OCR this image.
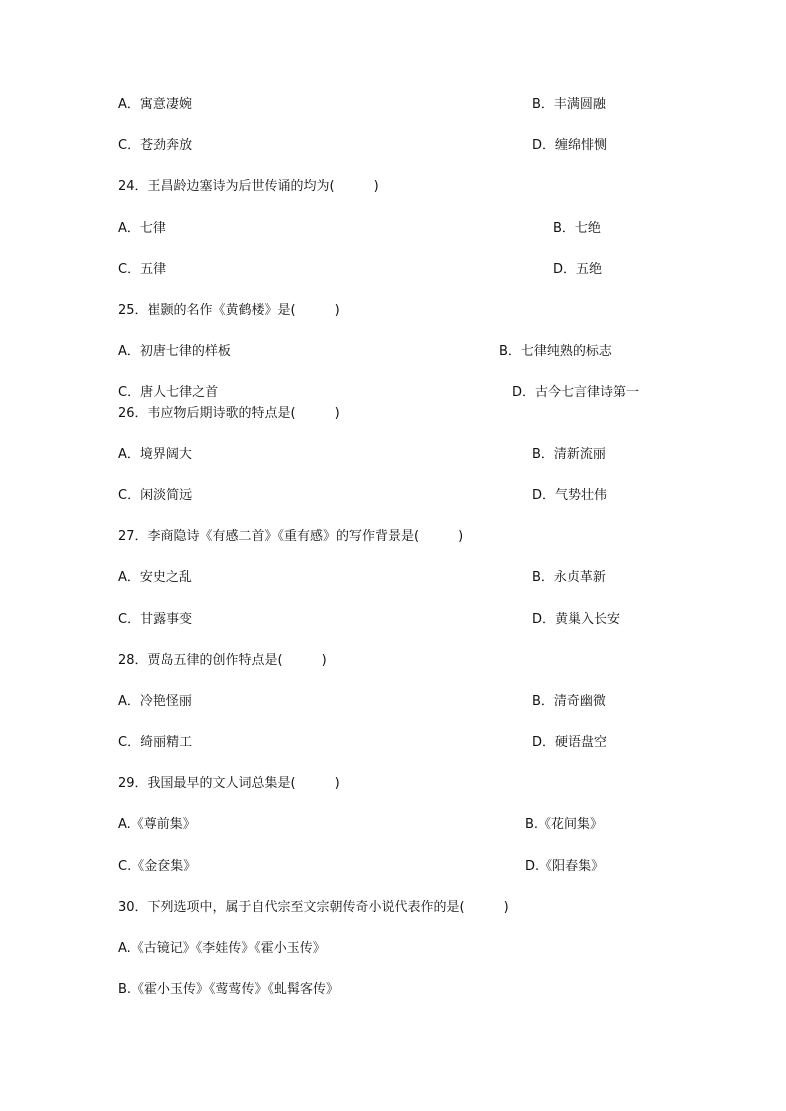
A．寓意凄婉	B．丰满圆融
C．苍劲奔放	D．缠绵悱恻
24．王昌龄边塞诗为后世传诵的均为(　　　)
A．七律	B．七绝
C．五律	D．五绝
25．崔颢的名作《黄鹤楼》是(　　　)
A．初唐七律的样板	B．七律纯熟的标志
C．唐人七律之首	D．古今七言律诗第一
26．韦应物后期诗歌的特点是(　　　)
A．境界阔大	B．清新流丽
C．闲淡简远	D．气势壮伟
27．李商隐诗《有感二首》《重有感》的写作背景是(　　　)
A．安史之乱	B．永贞革新
C．甘露事变	D．黄巢入长安
28．贾岛五律的创作特点是(　　　)
A．冷艳怪丽	B．清奇幽微
C．绮丽精工	D．硬语盘空
29．我国最早的文人词总集是(　　　)
A.《尊前集》	B.《花间集》
C.《金奁集》	D.《阳春集》
30．下列选项中，属于自代宗至文宗朝传奇小说代表作的是(　　　)
A.《古镜记》《李娃传》《霍小玉传》
B.《霍小玉传》《莺莺传》《虬髯客传》
